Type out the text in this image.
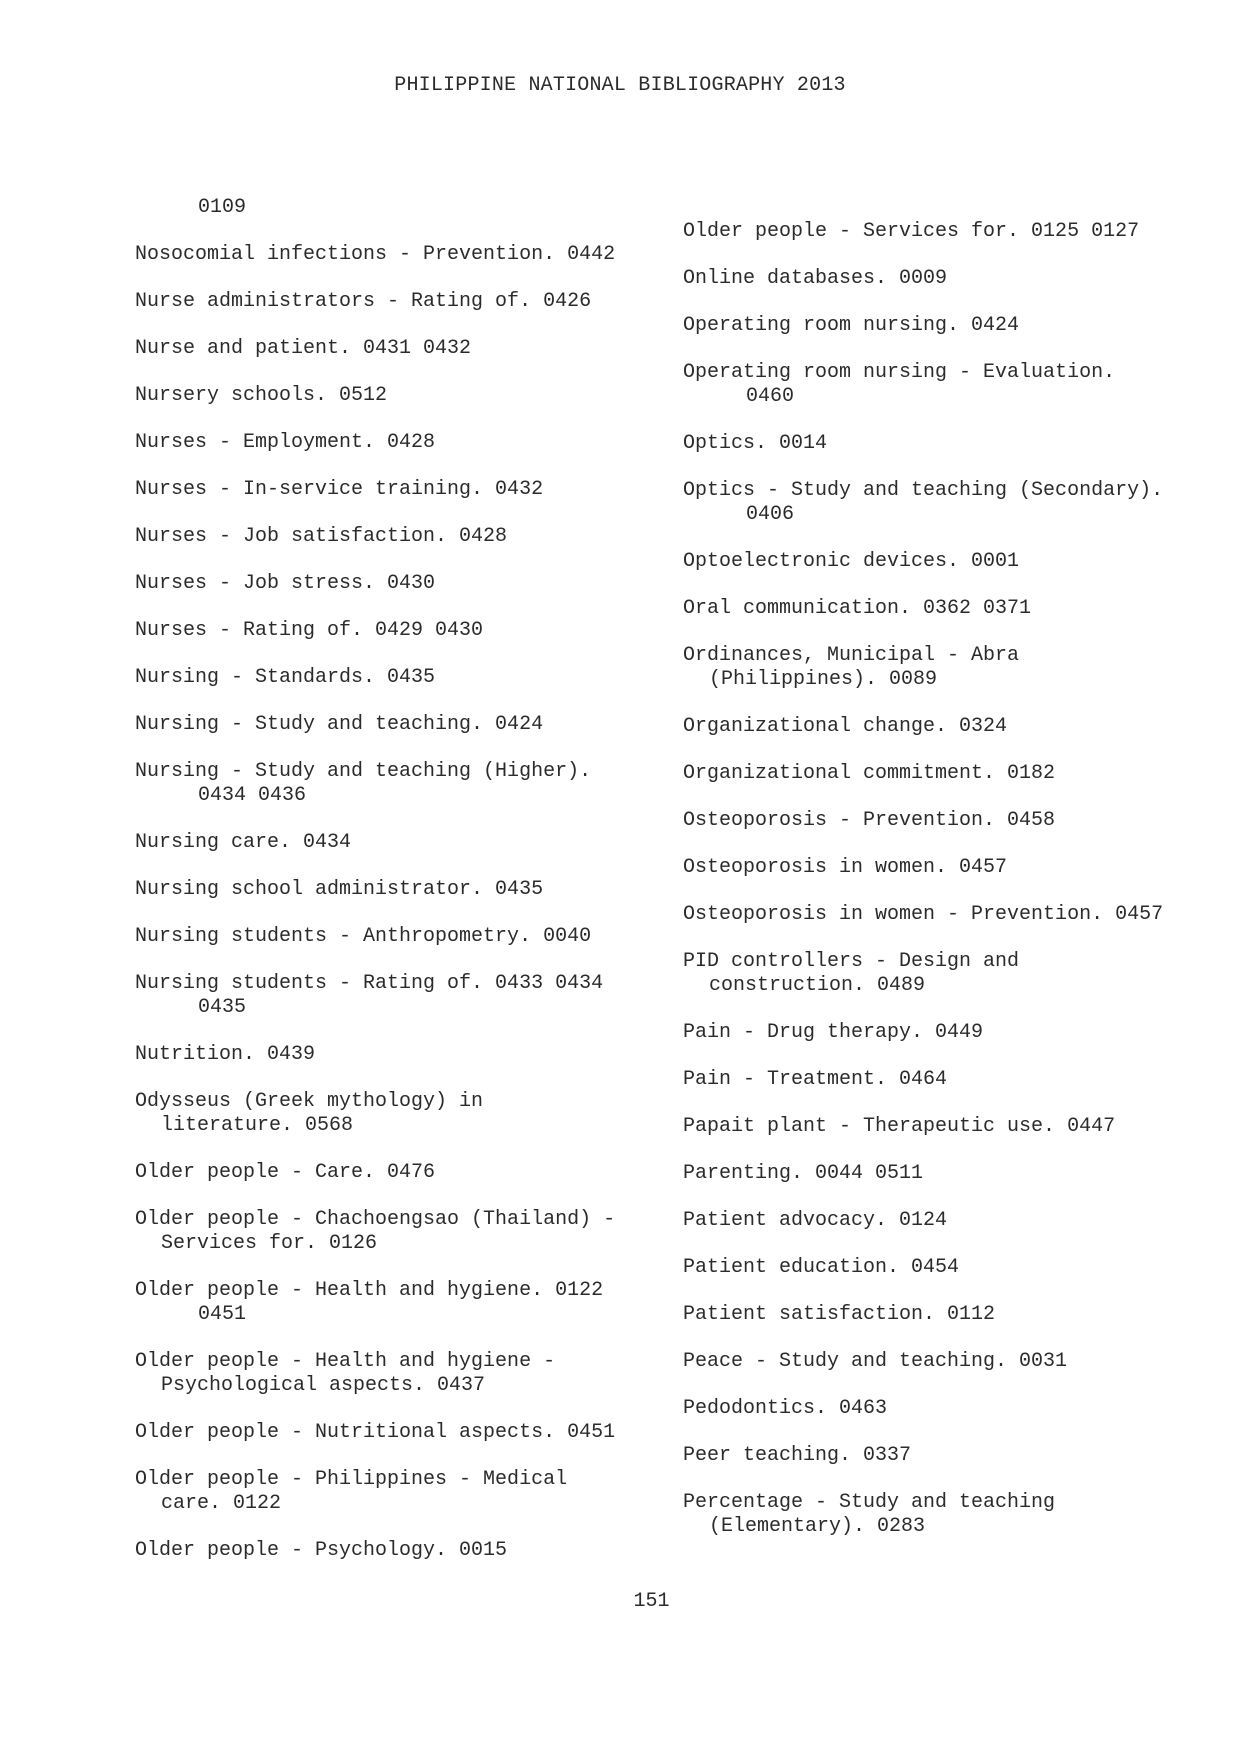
PHILIPPINE NATIONAL BIBLIOGRAPHY 2013
0109
Nosocomial infections - Prevention. 0442
Nurse administrators - Rating of. 0426
Nurse and patient. 0431 0432
Nursery schools. 0512
Nurses - Employment. 0428
Nurses - In-service training. 0432
Nurses - Job satisfaction. 0428
Nurses - Job stress. 0430
Nurses - Rating of. 0429 0430
Nursing - Standards. 0435
Nursing - Study and teaching. 0424
Nursing - Study and teaching (Higher).
0434 0436
Nursing care. 0434
Nursing school administrator. 0435
Nursing students - Anthropometry. 0040
Nursing students - Rating of. 0433 0434
0435
Nutrition. 0439
Odysseus (Greek mythology) in
literature. 0568
Older people - Care. 0476
Older people - Chachoengsao (Thailand) -
Services for. 0126
Older people - Health and hygiene. 0122
0451
Older people - Health and hygiene -
Psychological aspects. 0437
Older people - Nutritional aspects. 0451
Older people - Philippines - Medical
care. 0122
Older people - Psychology. 0015
Older people - Services for. 0125 0127
Online databases. 0009
Operating room nursing. 0424
Operating room nursing - Evaluation.
0460
Optics. 0014
Optics - Study and teaching (Secondary).
0406
Optoelectronic devices. 0001
Oral communication. 0362 0371
Ordinances, Municipal - Abra
(Philippines). 0089
Organizational change. 0324
Organizational commitment. 0182
Osteoporosis - Prevention. 0458
Osteoporosis in women. 0457
Osteoporosis in women - Prevention. 0457
PID controllers - Design and
construction. 0489
Pain - Drug therapy. 0449
Pain - Treatment. 0464
Papait plant - Therapeutic use. 0447
Parenting. 0044 0511
Patient advocacy. 0124
Patient education. 0454
Patient satisfaction. 0112
Peace - Study and teaching. 0031
Pedodontics. 0463
Peer teaching. 0337
Percentage - Study and teaching
(Elementary). 0283
151
